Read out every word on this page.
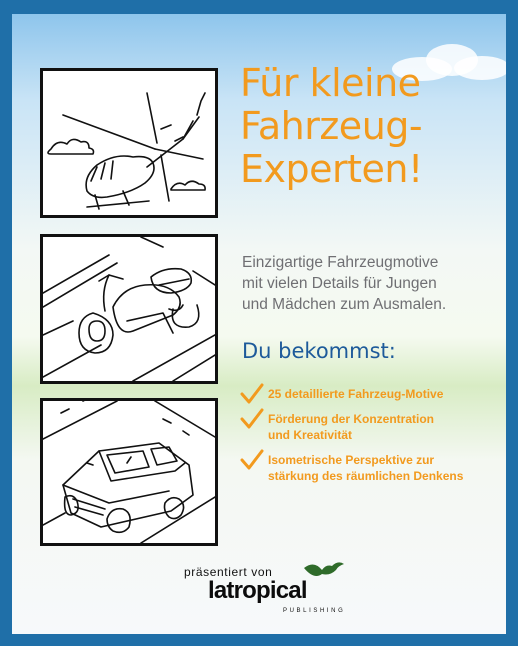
Für kleine
Fahrzeug-
Experten!
Einzigartige Fahrzeugmotive
mit vielen Details für Jungen
und Mädchen zum Ausmalen.
Du bekommst:
25 detaillierte Fahrzeug-Motive
Förderung der Konzentration
und Kreativität
Isometrische Perspektive zur
stärkung des räumlichen Denkens
präsentiert von
latropical
PUBLISHING
